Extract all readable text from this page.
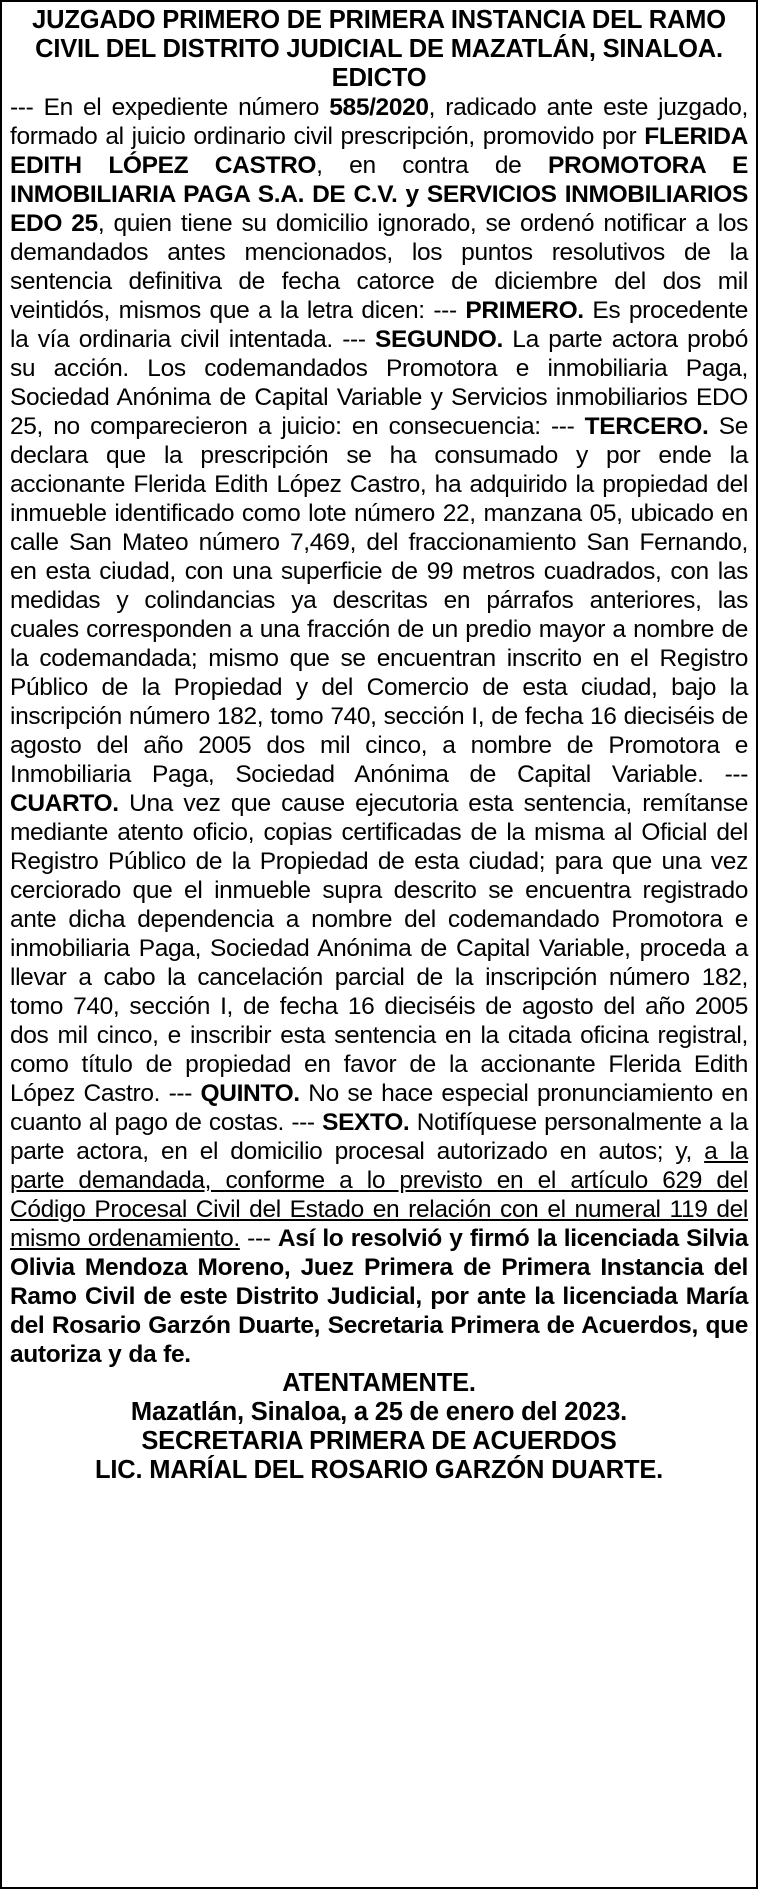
JUZGADO PRIMERO DE PRIMERA INSTANCIA DEL RAMO
CIVIL DEL DISTRITO JUDICIAL DE MAZATLÁN, SINALOA.
EDICTO
--- En el expediente número 585/2020, radicado ante este juzgado, formado al juicio ordinario civil prescripción, promovido por FLERIDA EDITH LÓPEZ CASTRO, en contra de PROMOTORA E INMOBILIARIA PAGA S.A. DE C.V. y SERVICIOS INMOBILIARIOS EDO 25, quien tiene su domicilio ignorado, se ordenó notificar a los demandados antes mencionados, los puntos resolutivos de la sentencia definitiva de fecha catorce de diciembre del dos mil veintidós, mismos que a la letra dicen: --- PRIMERO. Es procedente la vía ordinaria civil intentada. --- SEGUNDO. La parte actora probó su acción. Los codemandados Promotora e inmobiliaria Paga, Sociedad Anónima de Capital Variable y Servicios inmobiliarios EDO 25, no comparecieron a juicio: en consecuencia: --- TERCERO. Se declara que la prescripción se ha consumado y por ende la accionante Flerida Edith López Castro, ha adquirido la propiedad del inmueble identificado como lote número 22, manzana 05, ubicado en calle San Mateo número 7,469, del fraccionamiento San Fernando, en esta ciudad, con una superficie de 99 metros cuadrados, con las medidas y colindancias ya descritas en párrafos anteriores, las cuales corresponden a una fracción de un predio mayor a nombre de la codemandada; mismo que se encuentran inscrito en el Registro Público de la Propiedad y del Comercio de esta ciudad, bajo la inscripción número 182, tomo 740, sección I, de fecha 16 dieciséis de agosto del año 2005 dos mil cinco, a nombre de Promotora e Inmobiliaria Paga, Sociedad Anónima de Capital Variable. --- CUARTO. Una vez que cause ejecutoria esta sentencia, remítanse mediante atento oficio, copias certificadas de la misma al Oficial del Registro Público de la Propiedad de esta ciudad; para que una vez cerciorado que el inmueble supra descrito se encuentra registrado ante dicha dependencia a nombre del codemandado Promotora e inmobiliaria Paga, Sociedad Anónima de Capital Variable, proceda a llevar a cabo la cancelación parcial de la inscripción número 182, tomo 740, sección I, de fecha 16 dieciséis de agosto del año 2005 dos mil cinco, e inscribir esta sentencia en la citada oficina registral, como título de propiedad en favor de la accionante Flerida Edith López Castro. --- QUINTO. No se hace especial pronunciamiento en cuanto al pago de costas. --- SEXTO. Notifíquese personalmente a la parte actora, en el domicilio procesal autorizado en autos; y, a la parte demandada, conforme a lo previsto en el artículo 629 del Código Procesal Civil del Estado en relación con el numeral 119 del mismo ordenamiento. --- Así lo resolvió y firmó la licenciada Silvia Olivia Mendoza Moreno, Juez Primera de Primera Instancia del Ramo Civil de este Distrito Judicial, por ante la licenciada María del Rosario Garzón Duarte, Secretaria Primera de Acuerdos, que autoriza y da fe.
ATENTAMENTE.
Mazatlán, Sinaloa, a 25 de enero del 2023.
SECRETARIA PRIMERA DE ACUERDOS
LIC. MARÍAL DEL ROSARIO GARZÓN DUARTE.
